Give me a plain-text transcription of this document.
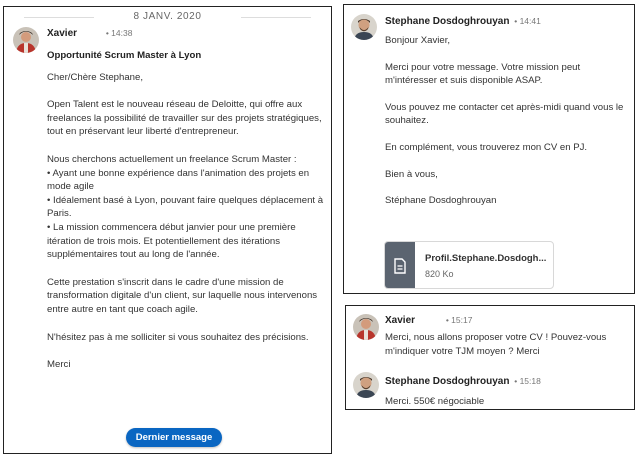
8 JANV. 2020
Xavier	• 14:38

Opportunité Scrum Master à Lyon

Cher/Chère Stephane,

Open Talent est le nouveau réseau de Deloitte, qui offre aux freelances la possibilité de travailler sur des projets stratégiques, tout en préservant leur liberté d'entrepreneur.

Nous cherchons actuellement un freelance Scrum Master :

• Ayant une bonne expérience dans l'animation des projets en mode agile

• Idéalement basé à Lyon, pouvant faire quelques déplacement à Paris.

• La mission commencera début janvier pour une première itération de trois mois. Et potentiellement des itérations supplémentaires tout au long de l'année.

Cette prestation s'inscrit dans le cadre d'une mission de transformation digitale d'un client, sur laquelle nous intervenons entre autre en tant que coach agile.

N'hésitez pas à me solliciter si vous souhaitez des précisions.

Merci

Dernier message
Stephane Dosdoghrouyan • 14:41

Bonjour Xavier,

Merci pour votre message. Votre mission peut m'intéresser et suis disponible ASAP.

Vous pouvez me contacter cet après-midi quand vous le souhaitez.

En complément, vous trouverez mon CV en PJ.

Bien à vous,

Stéphane Dosdoghrouyan

Profil.Stephane.Dosdogh...
820 Ko
Xavier	• 15:17
Merci, nous allons proposer votre CV ! Pouvez-vous m'indiquer votre TJM moyen ? Merci
Stephane Dosdoghrouyan • 15:18
Merci. 550€ négociable
